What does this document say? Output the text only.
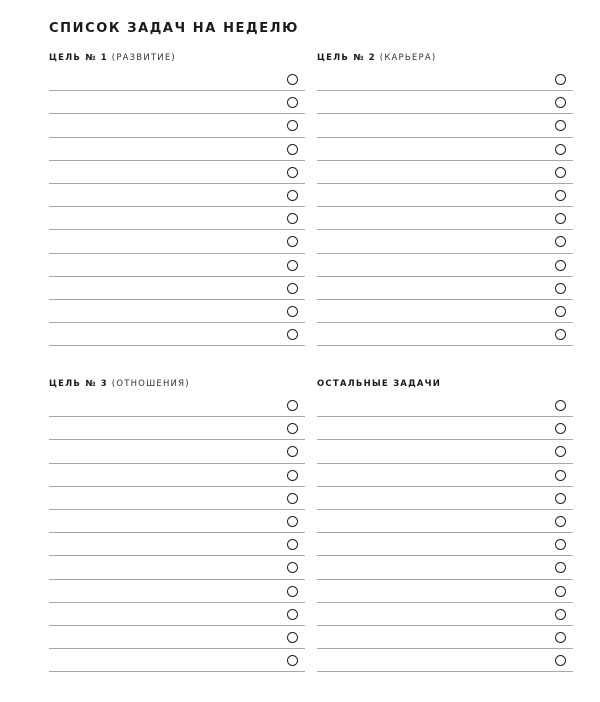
СПИСОК ЗАДАЧ НА НЕДЕЛЮ
ЦЕЛЬ № 1 (РАЗВИТИЕ)	ЦЕЛЬ № 2 (КАРЬЕРА)
ЦЕЛЬ № 3 (ОТНОШЕНИЯ)	ОСТАЛЬНЫЕ ЗАДАЧИ
